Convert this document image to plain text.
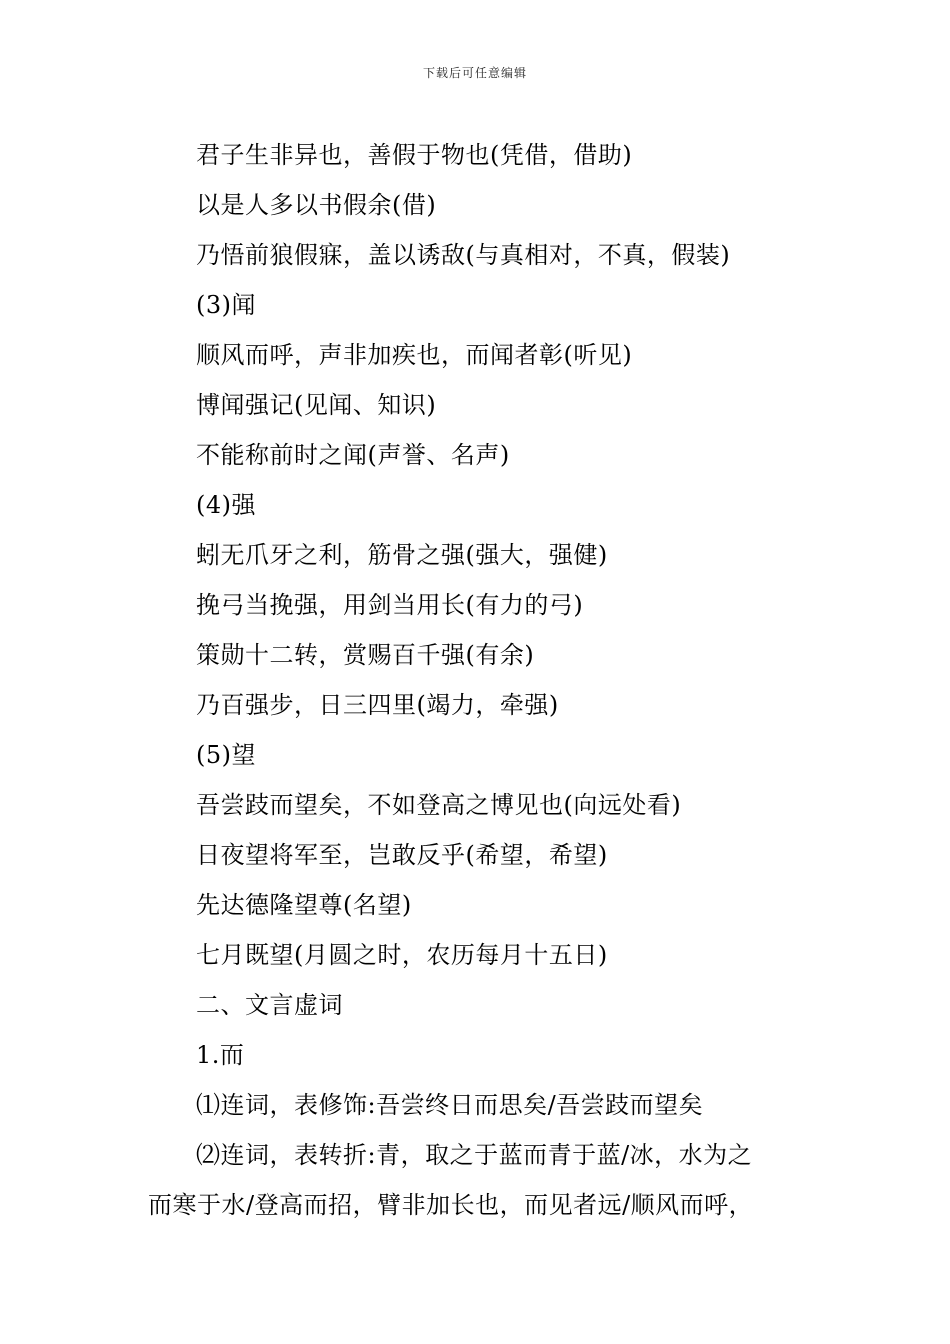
下载后可任意编辑
君子生非异也，善假于物也(凭借，借助)
以是人多以书假余(借)
乃悟前狼假寐，盖以诱敌(与真相对，不真，假装)
(3)闻
顺风而呼，声非加疾也，而闻者彰(听见)
博闻强记(见闻、知识)
不能称前时之闻(声誉、名声)
(4)强
蚓无爪牙之利，筋骨之强(强大，强健)
挽弓当挽强，用剑当用长(有力的弓)
策勋十二转，赏赐百千强(有余)
乃百强步，日三四里(竭力，牵强)
(5)望
吾尝跂而望矣，不如登高之博见也(向远处看)
日夜望将军至，岂敢反乎(希望，希望)
先达德隆望尊(名望)
七月既望(月圆之时，农历每月十五日)
二、文言虚词
1.而
⑴连词，表修饰:吾尝终日而思矣/吾尝跂而望矣
⑵连词，表转折:青，取之于蓝而青于蓝/冰，水为之
而寒于水/登高而招，臂非加长也，而见者远/顺风而呼，
